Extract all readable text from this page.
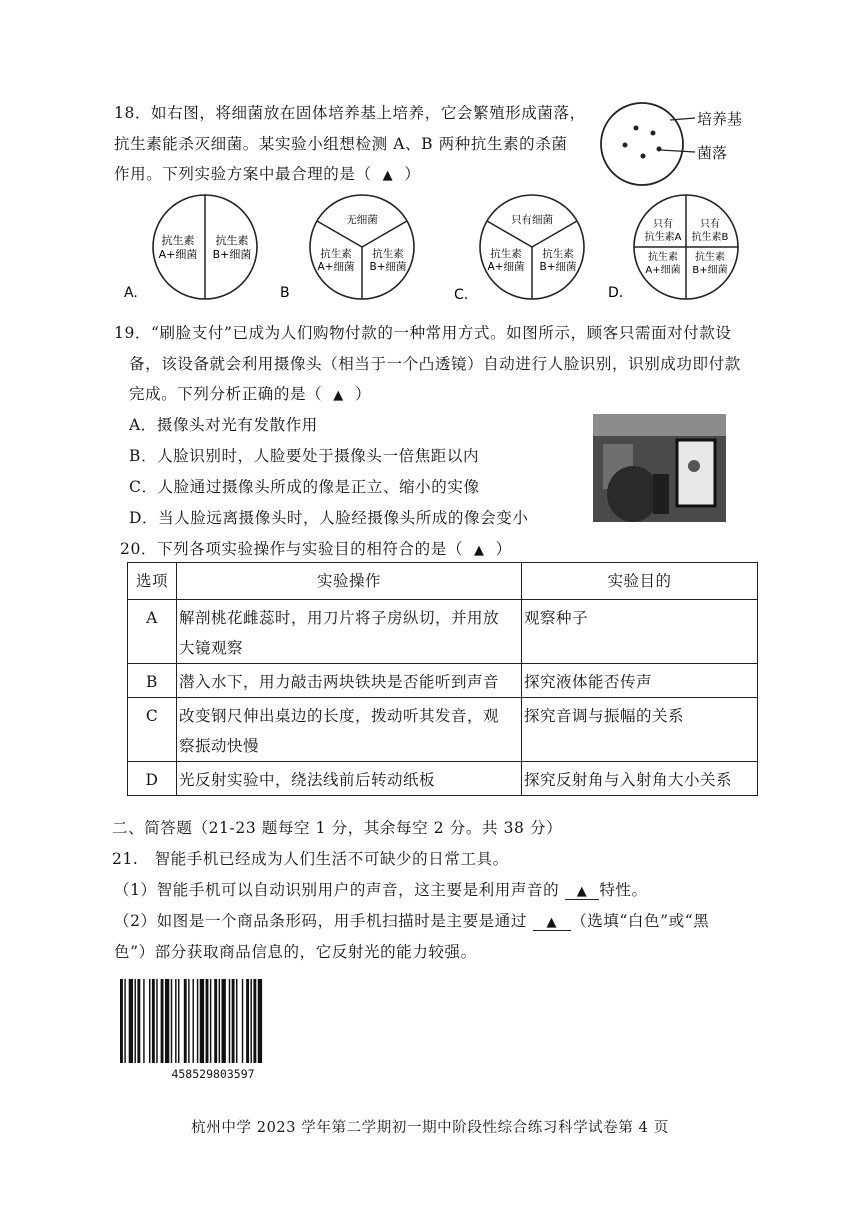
18．如右图，将细菌放在固体培养基上培养，它会繁殖形成菌落，
抗生素能杀灭细菌。某实验小组想检测 A、B 两种抗生素的杀菌
作用。下列实验方案中最合理的是（ ▲ ）
培养基
菌落
抗生素
A+细菌
抗生素
B+细菌
A.
无细菌
抗生素
A+细菌
抗生素
B+细菌
B
只有细菌
抗生素
A+细菌
抗生素
B+细菌
C.
只有
抗生素A
只有
抗生素B
抗生素
A+细菌
抗生素
B+细菌
D.
19．“刷脸支付”已成为人们购物付款的一种常用方式。如图所示，顾客只需面对付款设
备，该设备就会利用摄像头（相当于一个凸透镜）自动进行人脸识别，识别成功即付款
完成。下列分析正确的是（ ▲ ）
A．摄像头对光有发散作用
B．人脸识别时，人脸要处于摄像头一倍焦距以内
C．人脸通过摄像头所成的像是正立、缩小的实像
D．当人脸远离摄像头时，人脸经摄像头所成的像会变小
20．下列各项实验操作与实验目的相符合的是（ ▲ ）
选项	实验操作	实验目的
A	解剖桃花雌蕊时，用刀片将子房纵切，并用放
大镜观察	观察种子
B	潜入水下，用力敲击两块铁块是否能听到声音	探究液体能否传声
C	改变钢尺伸出桌边的长度，拨动听其发音，观
察振动快慢	探究音调与振幅的关系
D	光反射实验中，绕法线前后转动纸板	探究反射角与入射角大小关系
二、简答题（21-23 题每空 1 分，其余每空 2 分。共 38 分）
21.　智能手机已经成为人们生活不可缺少的日常工具。
（1）智能手机可以自动识别用户的声音，这主要是利用声音的 ▲ 特性。
（2）如图是一个商品条形码，用手机扫描时是主要是通过 ▲ （选填“白色”或“黑
色”）部分获取商品信息的，它反射光的能力较强。
458529803597
杭州中学 2023 学年第二学期初一期中阶段性综合练习科学试卷第 4 页
